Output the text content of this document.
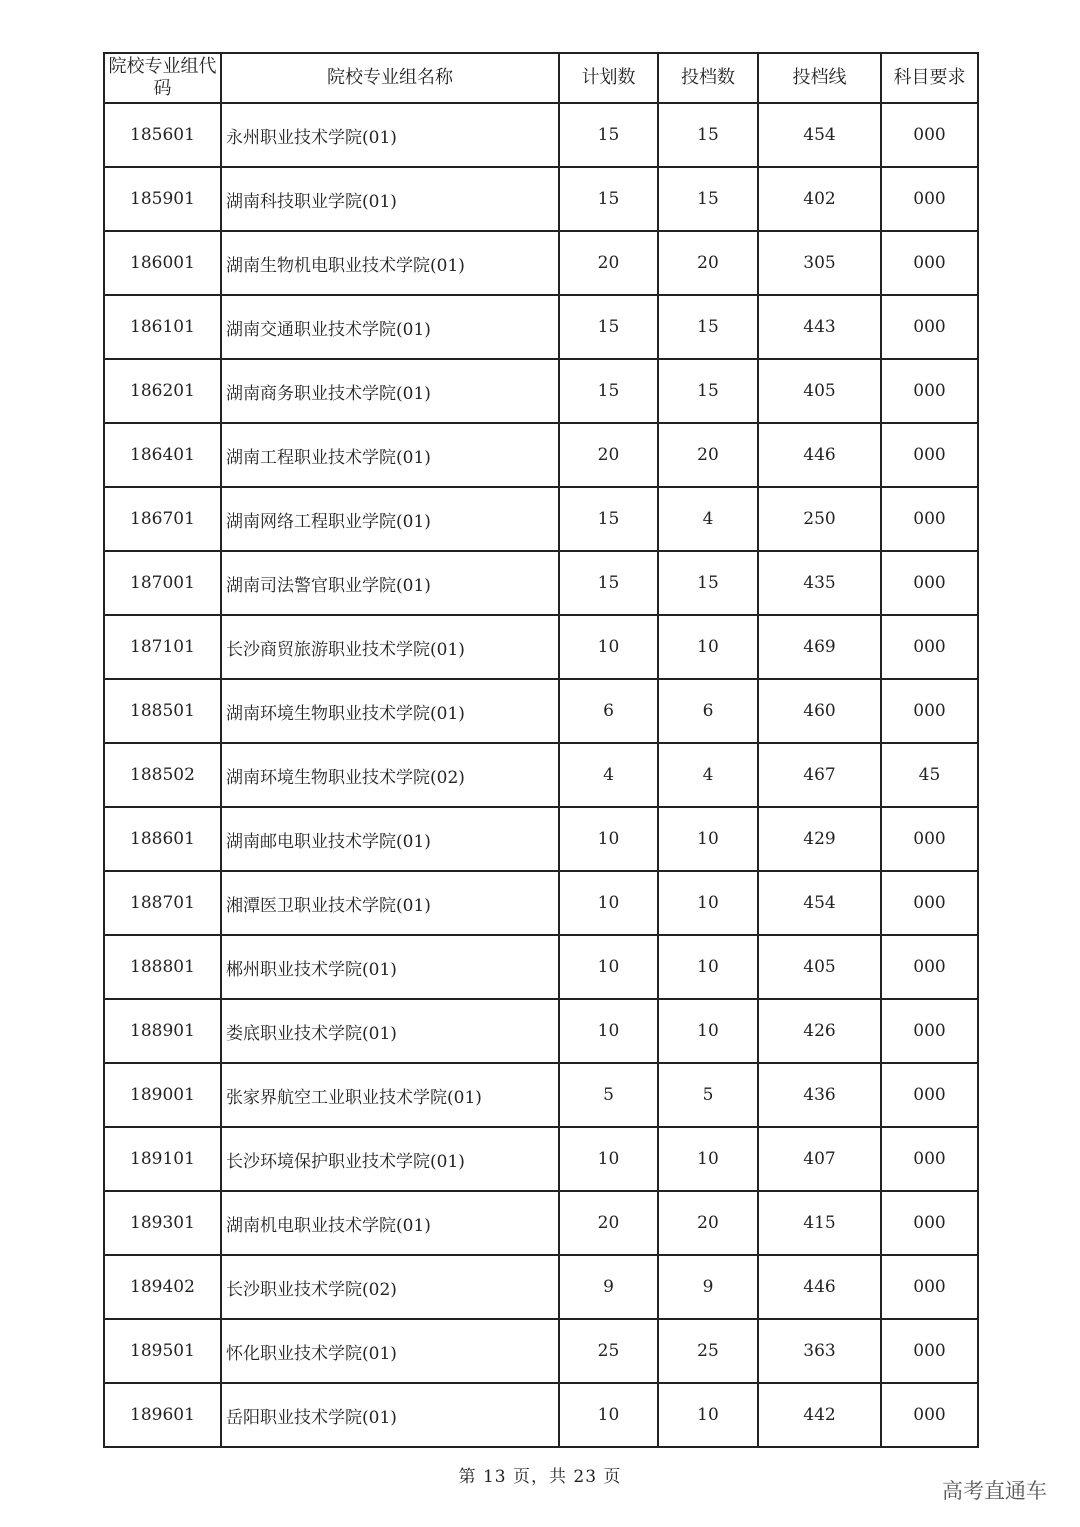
院校专业组代码	院校专业组名称	计划数	投档数	投档线	科目要求
185601	永州职业技术学院(01)	15	15	454	000
185901	湖南科技职业学院(01)	15	15	402	000
186001	湖南生物机电职业技术学院(01)	20	20	305	000
186101	湖南交通职业技术学院(01)	15	15	443	000
186201	湖南商务职业技术学院(01)	15	15	405	000
186401	湖南工程职业技术学院(01)	20	20	446	000
186701	湖南网络工程职业学院(01)	15	4	250	000
187001	湖南司法警官职业学院(01)	15	15	435	000
187101	长沙商贸旅游职业技术学院(01)	10	10	469	000
188501	湖南环境生物职业技术学院(01)	6	6	460	000
188502	湖南环境生物职业技术学院(02)	4	4	467	45
188601	湖南邮电职业技术学院(01)	10	10	429	000
188701	湘潭医卫职业技术学院(01)	10	10	454	000
188801	郴州职业技术学院(01)	10	10	405	000
188901	娄底职业技术学院(01)	10	10	426	000
189001	张家界航空工业职业技术学院(01)	5	5	436	000
189101	长沙环境保护职业技术学院(01)	10	10	407	000
189301	湖南机电职业技术学院(01)	20	20	415	000
189402	长沙职业技术学院(02)	9	9	446	000
189501	怀化职业技术学院(01)	25	25	363	000
189601	岳阳职业技术学院(01)	10	10	442	000
第 13 页，共 23 页
高考直通车
